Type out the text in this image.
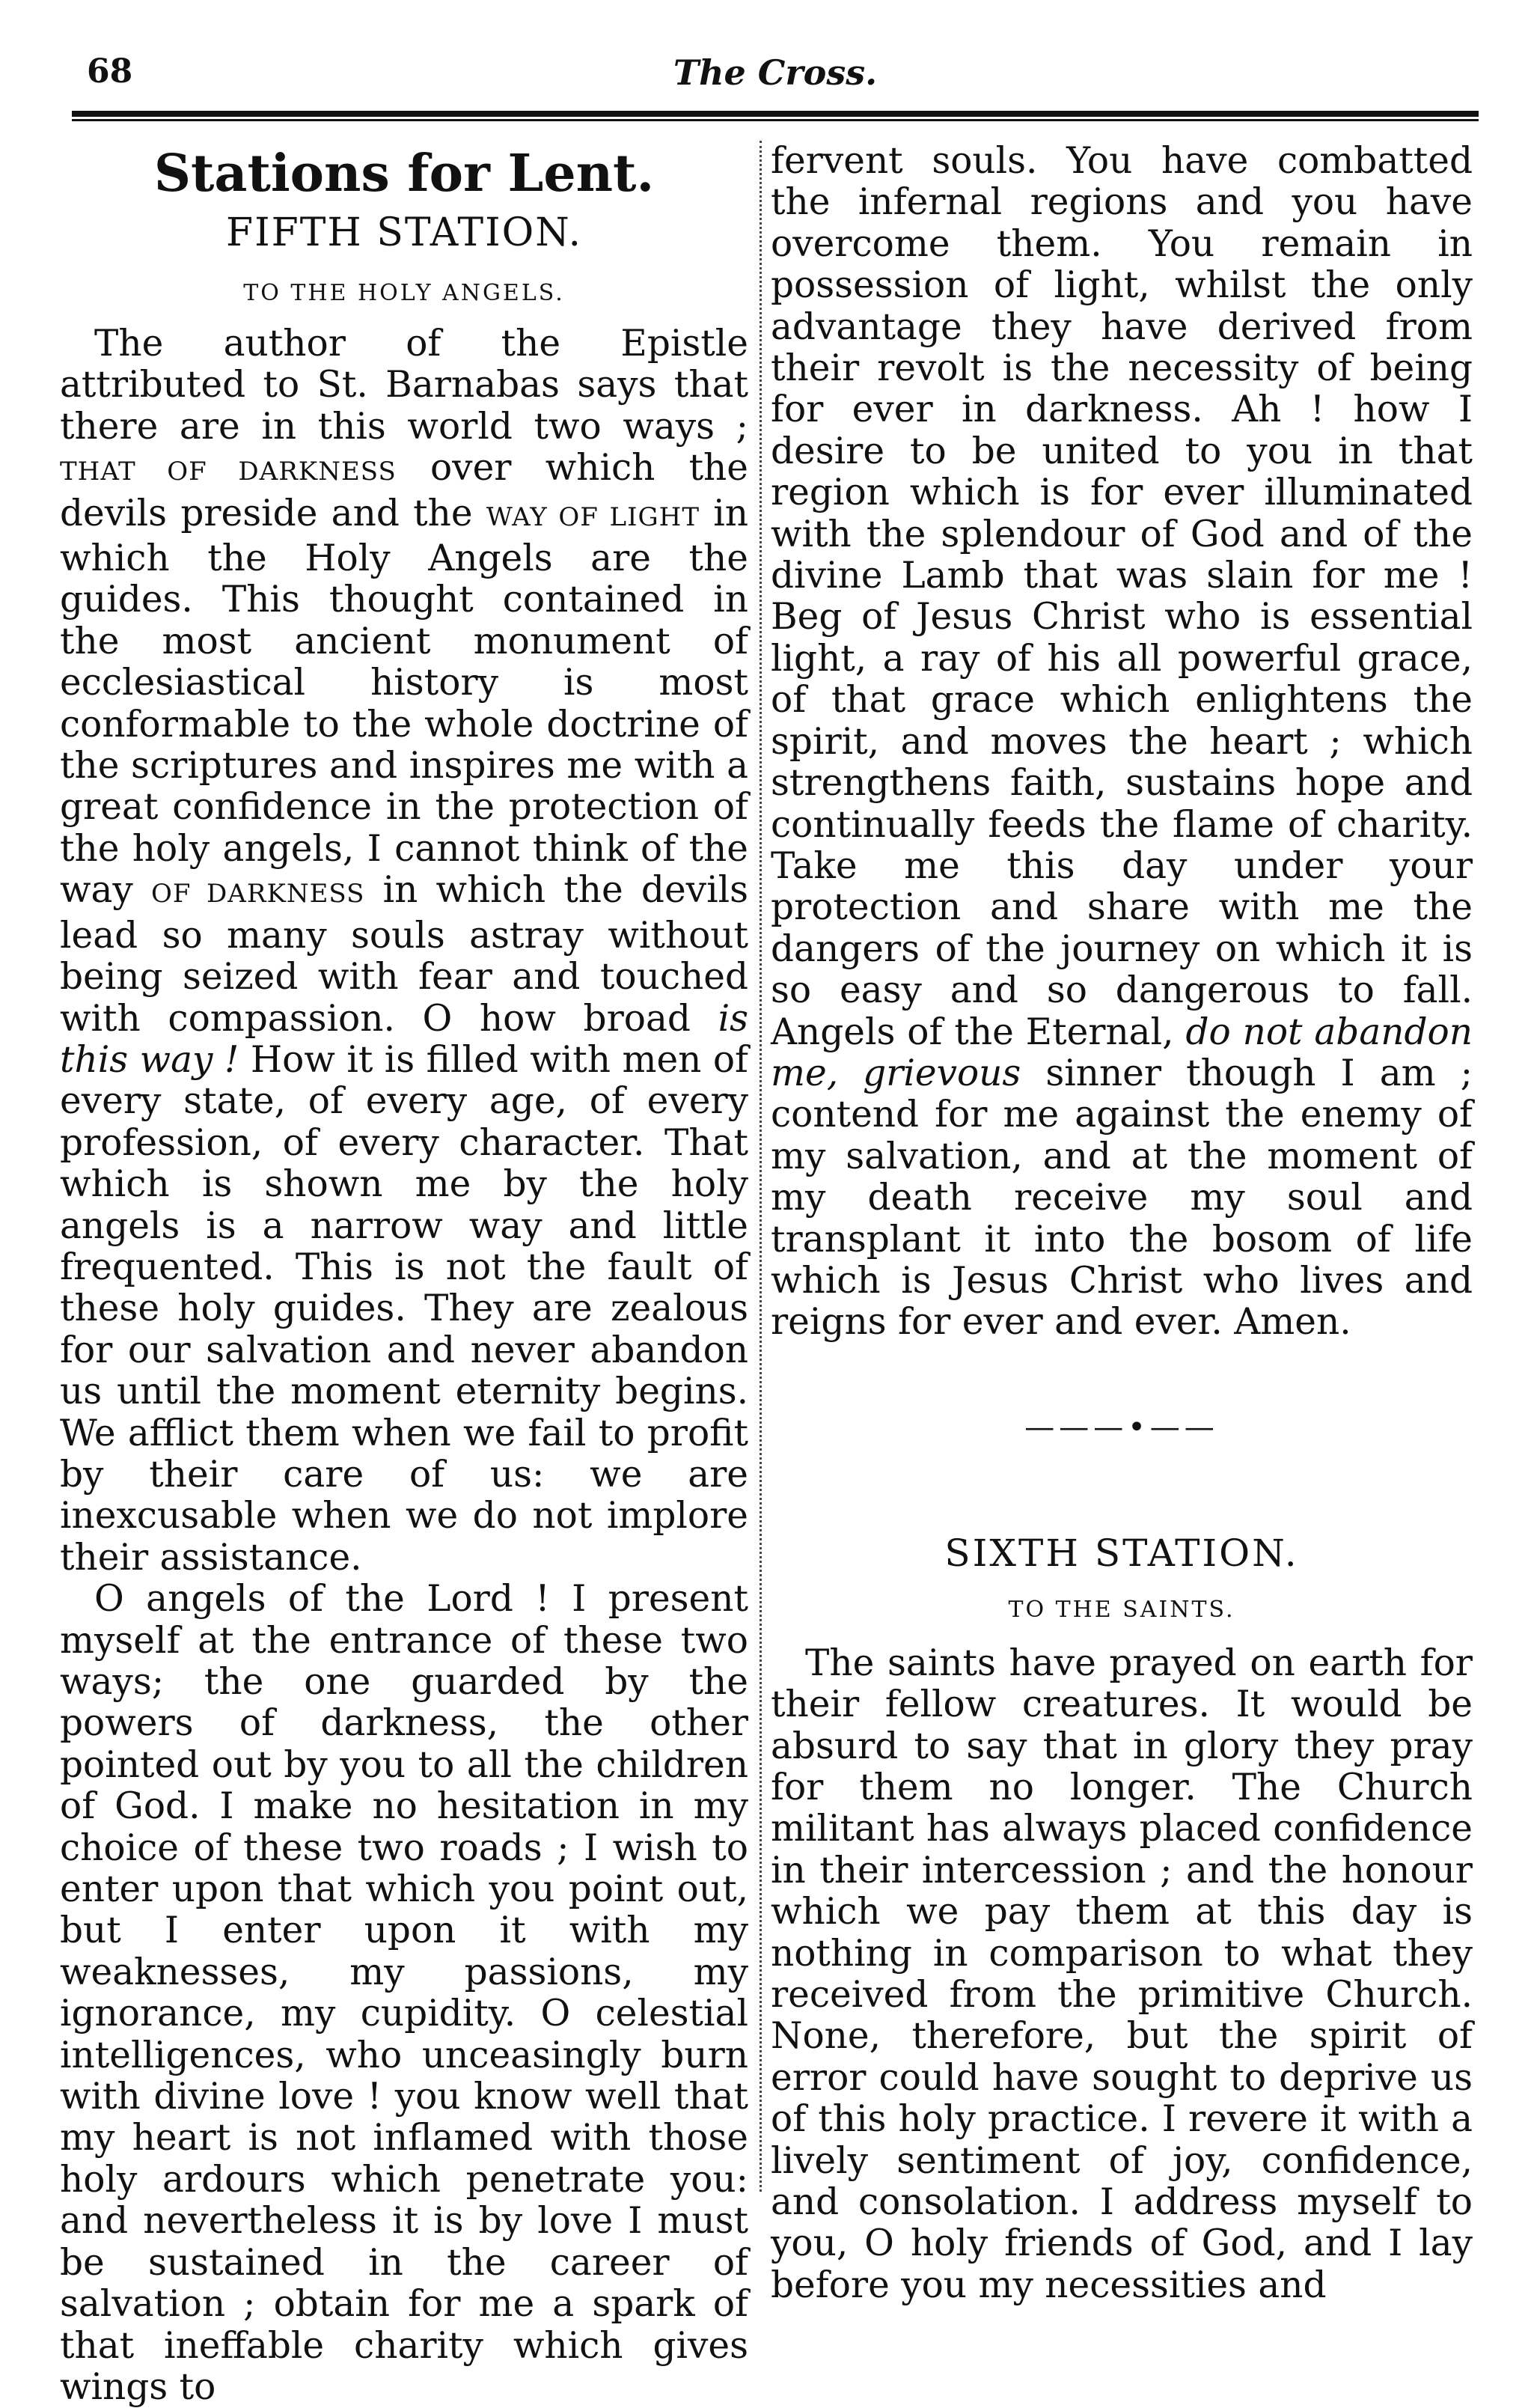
68	The Cross.
Stations for Lent.
FIFTH STATION.
TO THE HOLY ANGELS.

The author of the Epistle attributed to St. Barnabas says that there are in this world two ways ; THAT OF DARKNESS over which the devils preside and the WAY OF LIGHT in which the Holy Angels are the guides. This thought contained in the most ancient monument of ecclesiastical history is most conformable to the whole doctrine of the scriptures and inspires me with a great confidence in the protection of the holy angels, I cannot think of the way OF DARKNESS in which the devils lead so many souls astray without being seized with fear and touched with compassion. O how broad is this way ! How it is filled with men of every state, of every age, of every profession, of every character. That which is shown me by the holy angels is a narrow way and little frequented. This is not the fault of these holy guides. They are zealous for our salvation and never abandon us until the moment eternity begins. We afflict them when we fail to profit by their care of us: we are inexcusable when we do not implore their assistance.

O angels of the Lord ! I present myself at the entrance of these two ways; the one guarded by the powers of darkness, the other pointed out by you to all the children of God. I make no hesitation in my choice of these two roads ; I wish to enter upon that which you point out, but I enter upon it with my weaknesses, my passions, my ignorance, my cupidity. O celestial intelligences, who unceasingly burn with divine love ! you know well that my heart is not inflamed with those holy ardours which penetrate you: and nevertheless it is by love I must be sustained in the career of salvation ; obtain for me a spark of that ineffable charity which gives wings to

fervent souls. You have combatted the infernal regions and you have overcome them. You remain in possession of light, whilst the only advantage they have derived from their revolt is the necessity of being for ever in darkness. Ah ! how I desire to be united to you in that region which is for ever illuminated with the splendour of God and of the divine Lamb that was slain for me ! Beg of Jesus Christ who is essential light, a ray of his all powerful grace, of that grace which enlightens the spirit, and moves the heart ; which strengthens faith, sustains hope and continually feeds the flame of charity. Take me this day under your protection and share with me the dangers of the journey on which it is so easy and so dangerous to fall. Angels of the Eternal, do not abandon me, grievous sinner though I am ; contend for me against the enemy of my salvation, and at the moment of my death receive my soul and transplant it into the bosom of life which is Jesus Christ who lives and reigns for ever and ever. Amen.

———•——
SIXTH STATION.
TO THE SAINTS.

The saints have prayed on earth for their fellow creatures. It would be absurd to say that in glory they pray for them no longer. The Church militant has always placed confidence in their intercession ; and the honour which we pay them at this day is nothing in comparison to what they received from the primitive Church. None, therefore, but the spirit of error could have sought to deprive us of this holy practice. I revere it with a lively sentiment of joy, confidence, and consolation. I address myself to you, O holy friends of God, and I lay before you my necessities and
